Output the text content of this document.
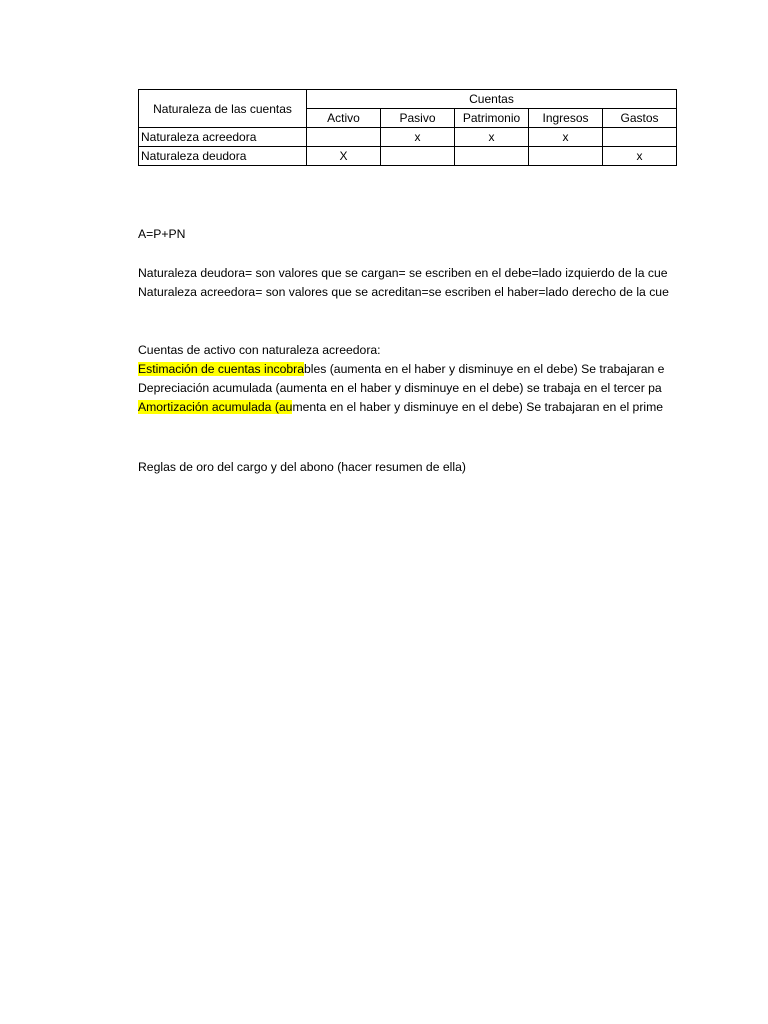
Naturaleza de las cuentas	Cuentas				
	Activo	Pasivo	Patrimonio	Ingresos	Gastos
Naturaleza acreedora		x	x	x	
Naturaleza deudora	X				x
A=P+PN
Naturaleza deudora= son valores que se cargan= se escriben en el debe=lado izquierdo de la cue
Naturaleza acreedora= son valores que se acreditan=se escriben el haber=lado derecho de la cue
Cuentas de activo con naturaleza acreedora:
Estimación de cuentas incobrables (aumenta en el haber y disminuye en el debe) Se trabajaran e
Depreciación acumulada (aumenta en el haber y disminuye en el debe) se trabaja en el tercer pa
Amortización acumulada (aumenta en el haber y disminuye en el debe) Se trabajaran en el prime
Reglas de oro del cargo y del abono (hacer resumen de ella)
